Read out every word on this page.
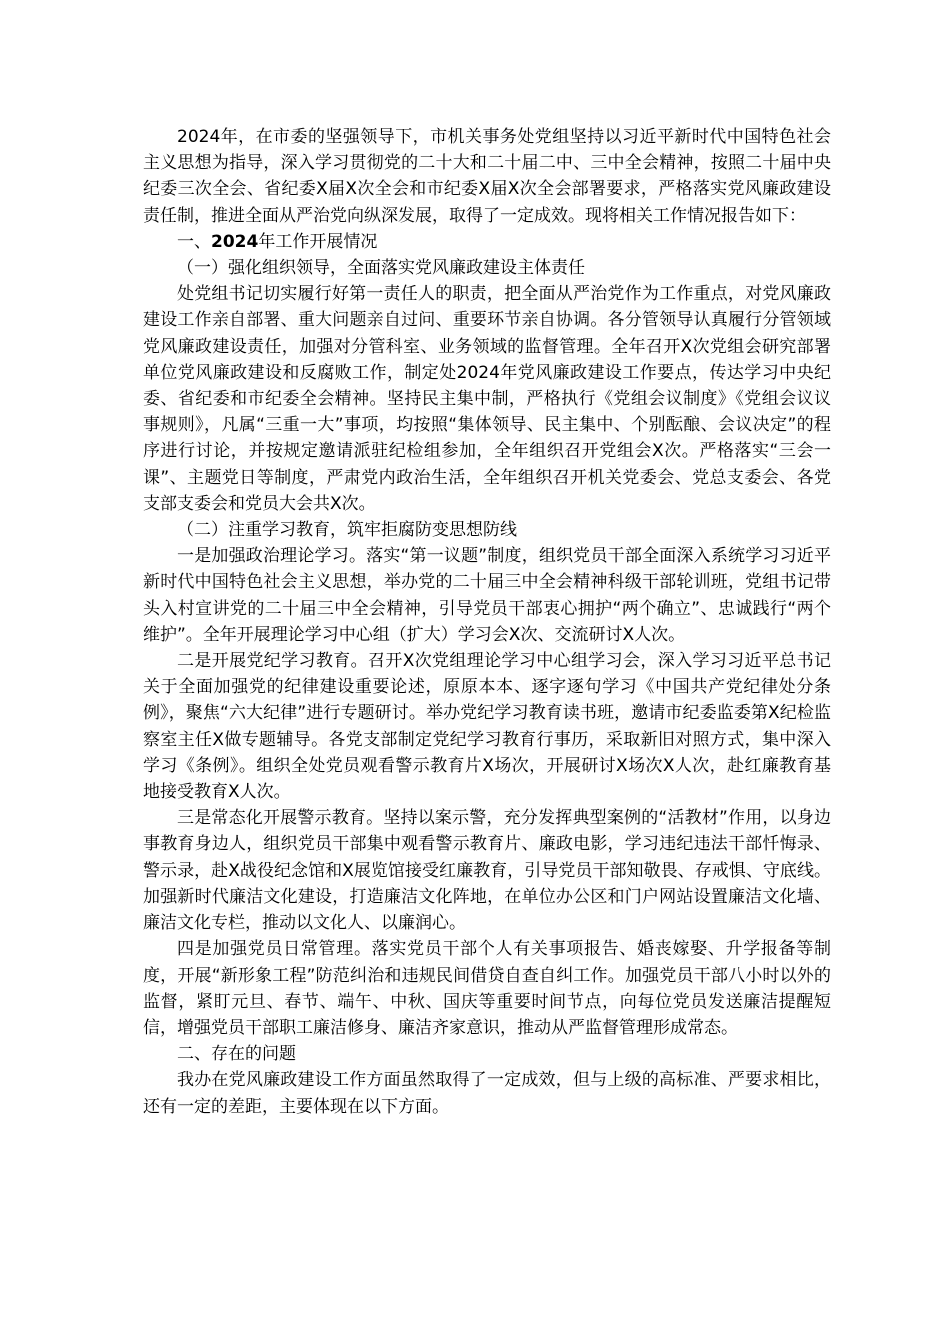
2024年，在市委的坚强领导下，市机关事务处党组坚持以习近平新时代中国特色社会主义思想为指导，深入学习贯彻党的二十大和二十届二中、三中全会精神，按照二十届中央纪委三次全会、省纪委X届X次全会和市纪委X届X次全会部署要求，严格落实党风廉政建设责任制，推进全面从严治党向纵深发展，取得了一定成效。现将相关工作情况报告如下：

一、2024年工作开展情况

（一）强化组织领导，全面落实党风廉政建设主体责任

处党组书记切实履行好第一责任人的职责，把全面从严治党作为工作重点，对党风廉政建设工作亲自部署、重大问题亲自过问、重要环节亲自协调。各分管领导认真履行分管领域党风廉政建设责任，加强对分管科室、业务领域的监督管理。全年召开X次党组会研究部署单位党风廉政建设和反腐败工作，制定处2024年党风廉政建设工作要点，传达学习中央纪委、省纪委和市纪委全会精神。坚持民主集中制，严格执行《党组会议制度》《党组会议议事规则》，凡属“三重一大”事项，均按照“集体领导、民主集中、个别酝酿、会议决定”的程序进行讨论，并按规定邀请派驻纪检组参加，全年组织召开党组会X次。严格落实“三会一课”、主题党日等制度，严肃党内政治生活，全年组织召开机关党委会、党总支委会、各党支部支委会和党员大会共X次。

（二）注重学习教育，筑牢拒腐防变思想防线

一是加强政治理论学习。落实“第一议题”制度，组织党员干部全面深入系统学习习近平新时代中国特色社会主义思想，举办党的二十届三中全会精神科级干部轮训班，党组书记带头入村宣讲党的二十届三中全会精神，引导党员干部衷心拥护“两个确立”、忠诚践行“两个维护”。全年开展理论学习中心组（扩大）学习会X次、交流研讨X人次。

二是开展党纪学习教育。召开X次党组理论学习中心组学习会，深入学习习近平总书记关于全面加强党的纪律建设重要论述，原原本本、逐字逐句学习《中国共产党纪律处分条例》，聚焦“六大纪律”进行专题研讨。举办党纪学习教育读书班，邀请市纪委监委第X纪检监察室主任X做专题辅导。各党支部制定党纪学习教育行事历，采取新旧对照方式，集中深入学习《条例》。组织全处党员观看警示教育片X场次，开展研讨X场次X人次，赴红廉教育基地接受教育X人次。

三是常态化开展警示教育。坚持以案示警，充分发挥典型案例的“活教材”作用，以身边事教育身边人，组织党员干部集中观看警示教育片、廉政电影，学习违纪违法干部忏悔录、警示录，赴X战役纪念馆和X展览馆接受红廉教育，引导党员干部知敬畏、存戒惧、守底线。加强新时代廉洁文化建设，打造廉洁文化阵地，在单位办公区和门户网站设置廉洁文化墙、廉洁文化专栏，推动以文化人、以廉润心。

四是加强党员日常管理。落实党员干部个人有关事项报告、婚丧嫁娶、升学报备等制度，开展“新形象工程”防范纠治和违规民间借贷自查自纠工作。加强党员干部八小时以外的监督，紧盯元旦、春节、端午、中秋、国庆等重要时间节点，向每位党员发送廉洁提醒短信，增强党员干部职工廉洁修身、廉洁齐家意识，推动从严监督管理形成常态。

二、存在的问题

我办在党风廉政建设工作方面虽然取得了一定成效，但与上级的高标准、严要求相比，还有一定的差距，主要体现在以下方面。
